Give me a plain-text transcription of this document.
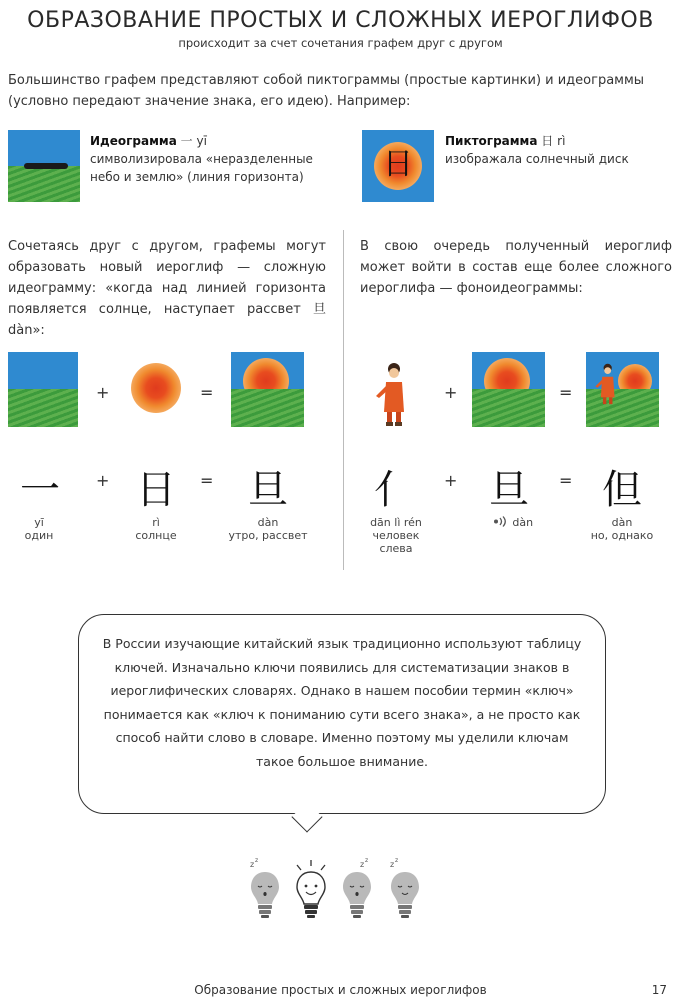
ОБРАЗОВАНИЕ ПРОСТЫХ И СЛОЖНЫХ ИЕРОГЛИФОВ
происходит за счет сочетания графем друг с другом
Большинство графем представляют собой пиктограммы (простые картинки) и идеограммы (условно передают значение знака, его идею). Например:
Идеограмма 一 yī
символизировала «неразделенные небо и землю» (линия горизонта)	日
Пиктограмма 日 rì
изображала солнечный диск
Сочетаясь друг с другом, графемы могут образовать новый иероглиф — сложную идеограмму: «когда над линией горизонта появляется солнце, наступает рассвет 旦 dàn»:
В свою очередь полученный иероглиф может войти в состав еще более сложного иероглифа — фоноидеограммы:
+	=	+	=
一	+ 日	= 旦
yī
один
rì
солнце
dàn
утро, рассвет
亻	+ 旦	= 但
dān lì rén
человек слева
dàn	dàn
но, однако
В России изучающие китайский язык традиционно используют таблицу ключей. Изначально ключи появились для систематизации знаков в иероглифических словарях. Однако в нашем пособии термин «ключ» понимается как «ключ к пониманию сути всего знака», а не просто как способ найти слово в словаре. Именно поэтому мы уделили ключам такое большое внимание.
z z	z z	z z
Образование простых и сложных иероглифов	17
